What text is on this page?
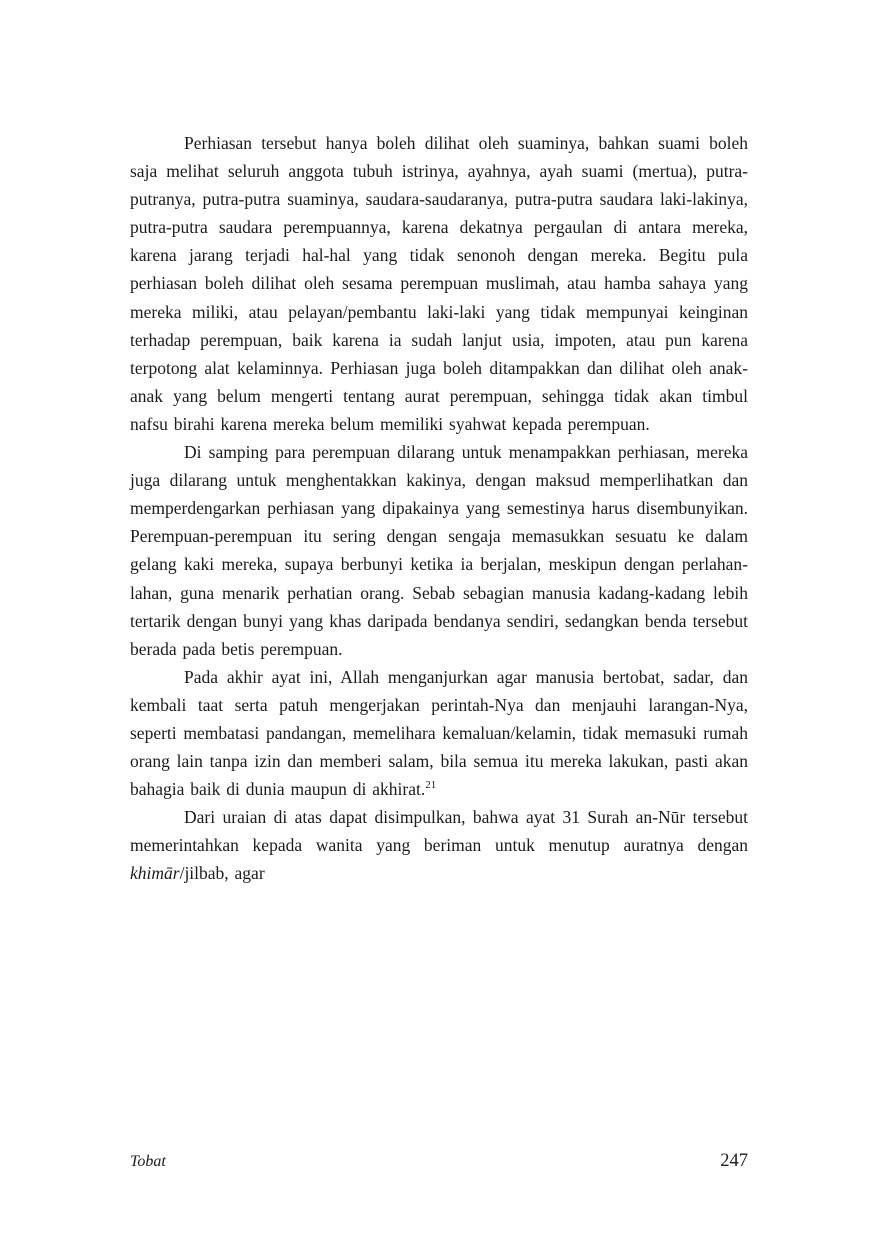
Perhiasan tersebut hanya boleh dilihat oleh suaminya, bahkan suami boleh saja melihat seluruh anggota tubuh istrinya, ayahnya, ayah suami (mertua), putra-putranya, putra-putra suaminya, saudara-saudaranya, putra-putra saudara laki-lakinya, putra-putra saudara perempuannya, karena dekatnya pergaulan di antara mereka, karena jarang terjadi hal-hal yang tidak senonoh dengan mereka. Begitu pula perhiasan boleh dilihat oleh sesama perempuan muslimah, atau hamba sahaya yang mereka miliki, atau pelayan/pembantu laki-laki yang tidak mempunyai keinginan terhadap perempuan, baik karena ia sudah lanjut usia, impoten, atau pun karena terpotong alat kelaminnya. Perhiasan juga boleh ditampakkan dan dilihat oleh anak-anak yang belum mengerti tentang aurat perempuan, sehingga tidak akan timbul nafsu birahi karena mereka belum memiliki syahwat kepada perempuan.

Di samping para perempuan dilarang untuk menampakkan perhiasan, mereka juga dilarang untuk menghentakkan kakinya, dengan maksud memperlihatkan dan memperdengarkan perhiasan yang dipakainya yang semestinya harus disembunyikan. Perempuan-perempuan itu sering dengan sengaja memasukkan sesuatu ke dalam gelang kaki mereka, supaya berbunyi ketika ia berjalan, meskipun dengan perlahan-lahan, guna menarik perhatian orang. Sebab sebagian manusia kadang-kadang lebih tertarik dengan bunyi yang khas daripada bendanya sendiri, sedangkan benda tersebut berada pada betis perempuan.

Pada akhir ayat ini, Allah menganjurkan agar manusia bertobat, sadar, dan kembali taat serta patuh mengerjakan perintah-Nya dan menjauhi larangan-Nya, seperti membatasi pandangan, memelihara kemaluan/kelamin, tidak memasuki rumah orang lain tanpa izin dan memberi salam, bila semua itu mereka lakukan, pasti akan bahagia baik di dunia maupun di akhirat.$^{21}$

Dari uraian di atas dapat disimpulkan, bahwa ayat 31 Surah an-Nūr tersebut memerintahkan kepada wanita yang beriman untuk menutup auratnya dengan khimār/jilbab, agar

Tobat	247
